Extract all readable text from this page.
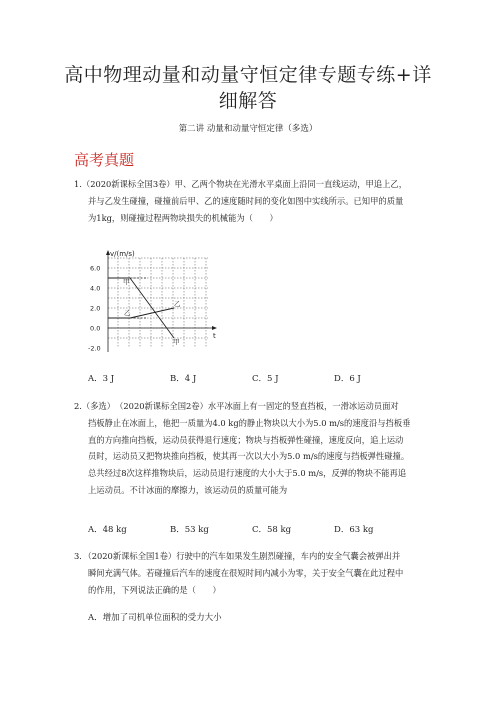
高中物理动量和动量守恒定律专题专练+详
细解答
第二讲 动量和动量守恒定律（多选）
高考真题
1.（2020新课标全国3卷）甲、乙两个物块在光滑水平桌面上沿同一直线运动，甲追上乙，
并与乙发生碰撞，碰撞前后甲、乙的速度随时间的变化如图中实线所示。已知甲的质量
为1kg，则碰撞过程两物块损失的机械能为（　　）
v/(m/s)
t
6.0
4.0
2.0
0.0
-2.0
甲
乙
乙
甲
A．3 J	B．4 J	C．5 J	D．6 J
2.（多选）　（2020新课标全国2卷）水平冰面上有一固定的竖直挡板，一滑冰运动员面对
挡板静止在冰面上，他把一质量为4.0 kg的静止物块以大小为5.0 m/s的速度沿与挡板垂
直的方向推向挡板，运动员获得退行速度；物块与挡板弹性碰撞，速度反向，追上运动
员时，运动员又把物块推向挡板，使其再一次以大小为5.0 m/s的速度与挡板弹性碰撞。
总共经过8次这样推物块后，运动员退行速度的大小大于5.0 m/s，反弹的物块不能再追
上运动员。不计冰面的摩擦力，该运动员的质量可能为
A．48 kg	B．53 kg	C．58 kg	D．63 kg
3．（2020新课标全国1卷）行驶中的汽车如果发生剧烈碰撞，车内的安全气囊会被弹出并
瞬间充满气体。若碰撞后汽车的速度在很短时间内减小为零，关于安全气囊在此过程中
的作用，下列说法正确的是（　　）
A．增加了司机单位面积的受力大小
